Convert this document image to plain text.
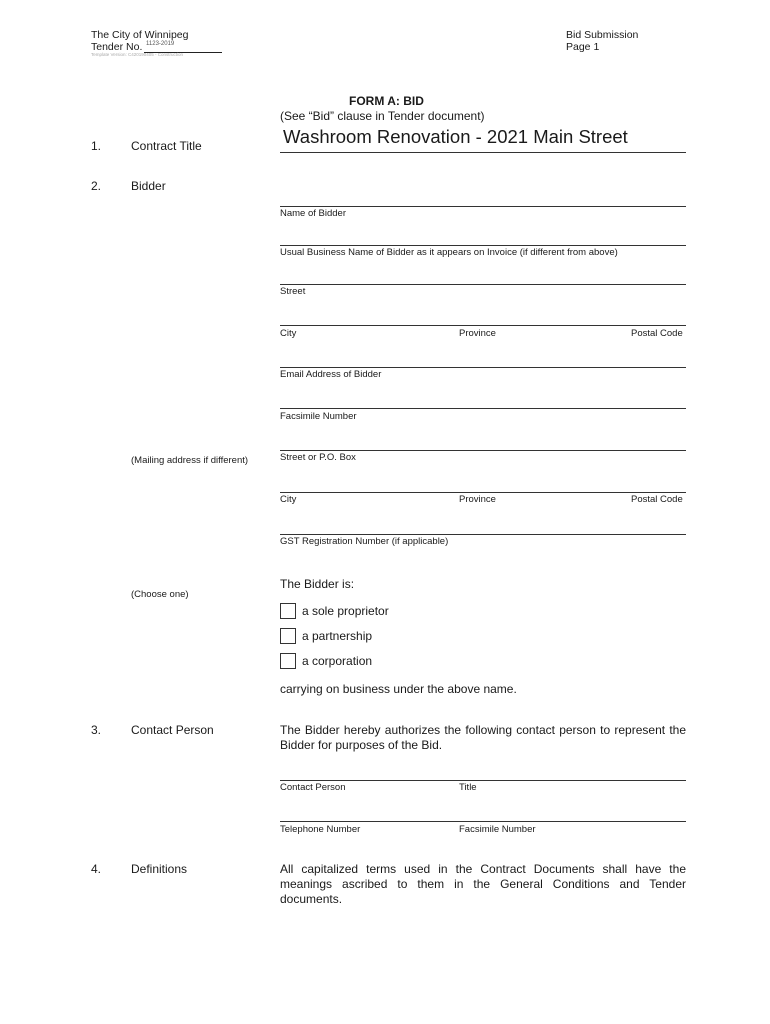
The City of Winnipeg
Tender No. 1123-2019
Template Version: C420190405 - Construction
Bid Submission
Page 1
FORM A: BID
(See “Bid” clause in Tender document)
1. Contract Title	Washroom Renovation - 2021 Main Street
2. Bidder
Name of Bidder
Usual Business Name of Bidder as it appears on Invoice (if different from above)
Street
City	Province	Postal Code
Email Address of Bidder
Facsimile Number
(Mailing address if different)	Street or P.O. Box
City	Province	Postal Code
GST Registration Number (if applicable)
(Choose one)
The Bidder is:
a sole proprietor
a partnership
a corporation
carrying on business under the above name.
3. Contact Person	The Bidder hereby authorizes the following contact person to represent the Bidder for purposes of the Bid.
Contact Person	Title
Telephone Number	Facsimile Number
4. Definitions	All capitalized terms used in the Contract Documents shall have the meanings ascribed to them in the General Conditions and Tender documents.
